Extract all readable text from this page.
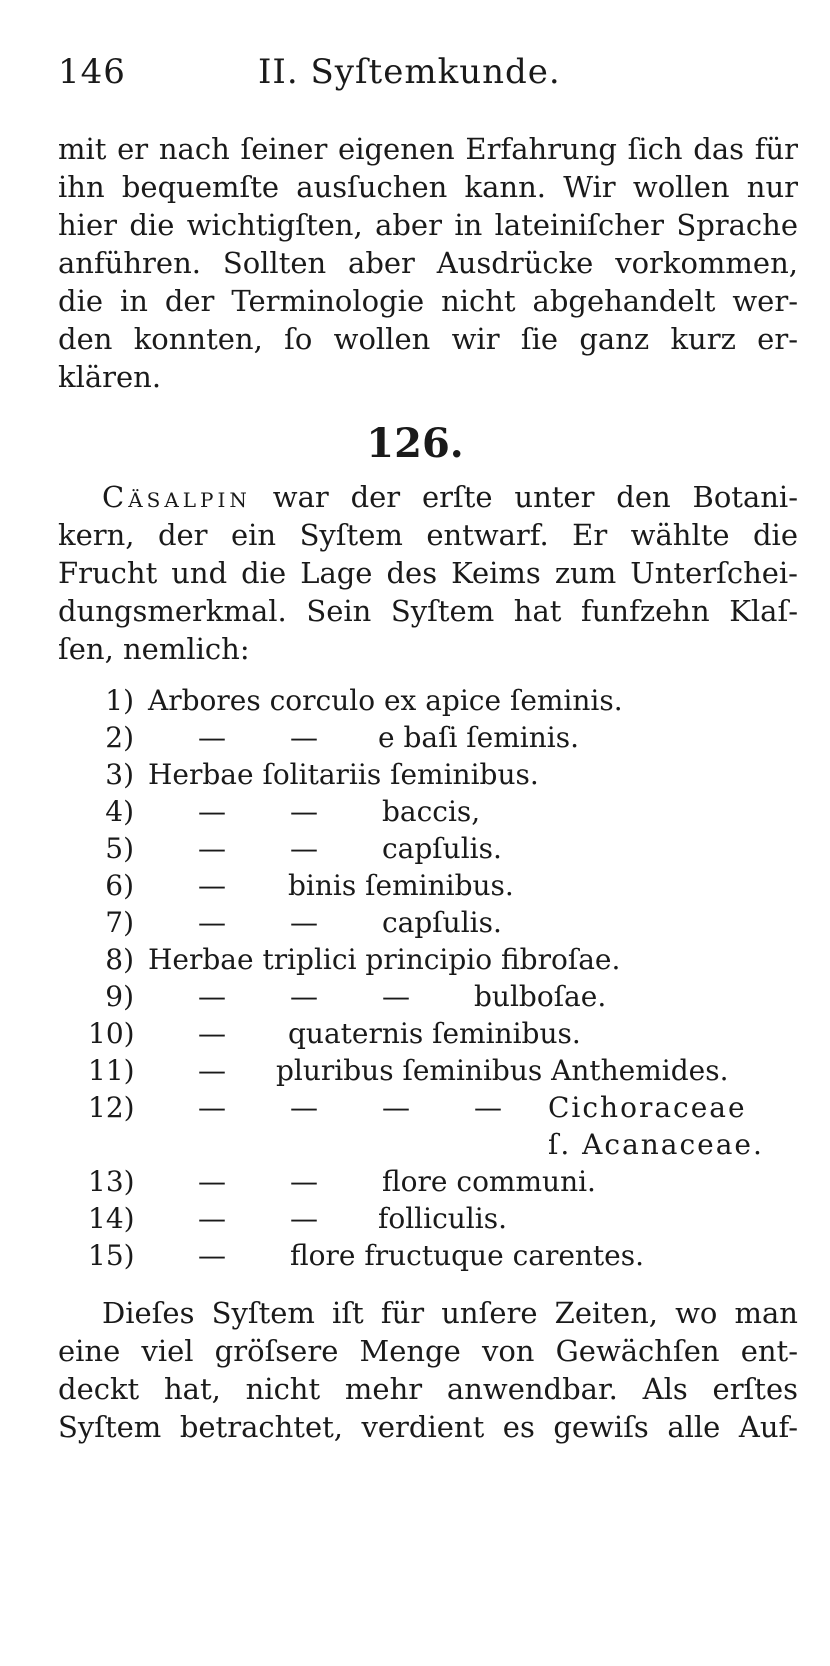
146	II. Syſtemkunde.
mit er nach ſeiner eigenen Erfahrung ſich das für
ihn bequemſte ausſuchen kann. Wir wollen nur
hier die wichtigſten, aber in lateiniſcher Sprache
anführen. Sollten aber Ausdrücke vorkommen,
die in der Terminologie nicht abgehandelt wer-
den konnten, ſo wollen wir ſie ganz kurz er-
klären.
126.
Cäsalpin war der erſte unter den Botani-
kern, der ein Syſtem entwarf. Er wählte die
Frucht und die Lage des Keims zum Unterſchei-
dungsmerkmal. Sein Syſtem hat funfzehn Klaſ-
ſen, nemlich:
1) Arbores corculo ex apice ſeminis.
2) — — e baſi ſeminis.
3) Herbae ſolitariis ſeminibus.
4) — — baccis,
5) — — capſulis.
6) — binis ſeminibus.
7) — — capſulis.
8) Herbae triplici principio fibroſae.
9) — — — bulboſae.
10) — quaternis ſeminibus.
11) — pluribus ſeminibus Anthemides.
12) — — — — Cichoraceae
ſ. Acanaceae.
13) — — flore communi.
14) — — folliculis.
15) — flore fructuque carentes.
Dieſes Syſtem iſt für unſere Zeiten, wo man
eine viel gröſsere Menge von Gewächſen ent-
deckt hat, nicht mehr anwendbar. Als erſtes
Syſtem betrachtet, verdient es gewiſs alle Auf-
